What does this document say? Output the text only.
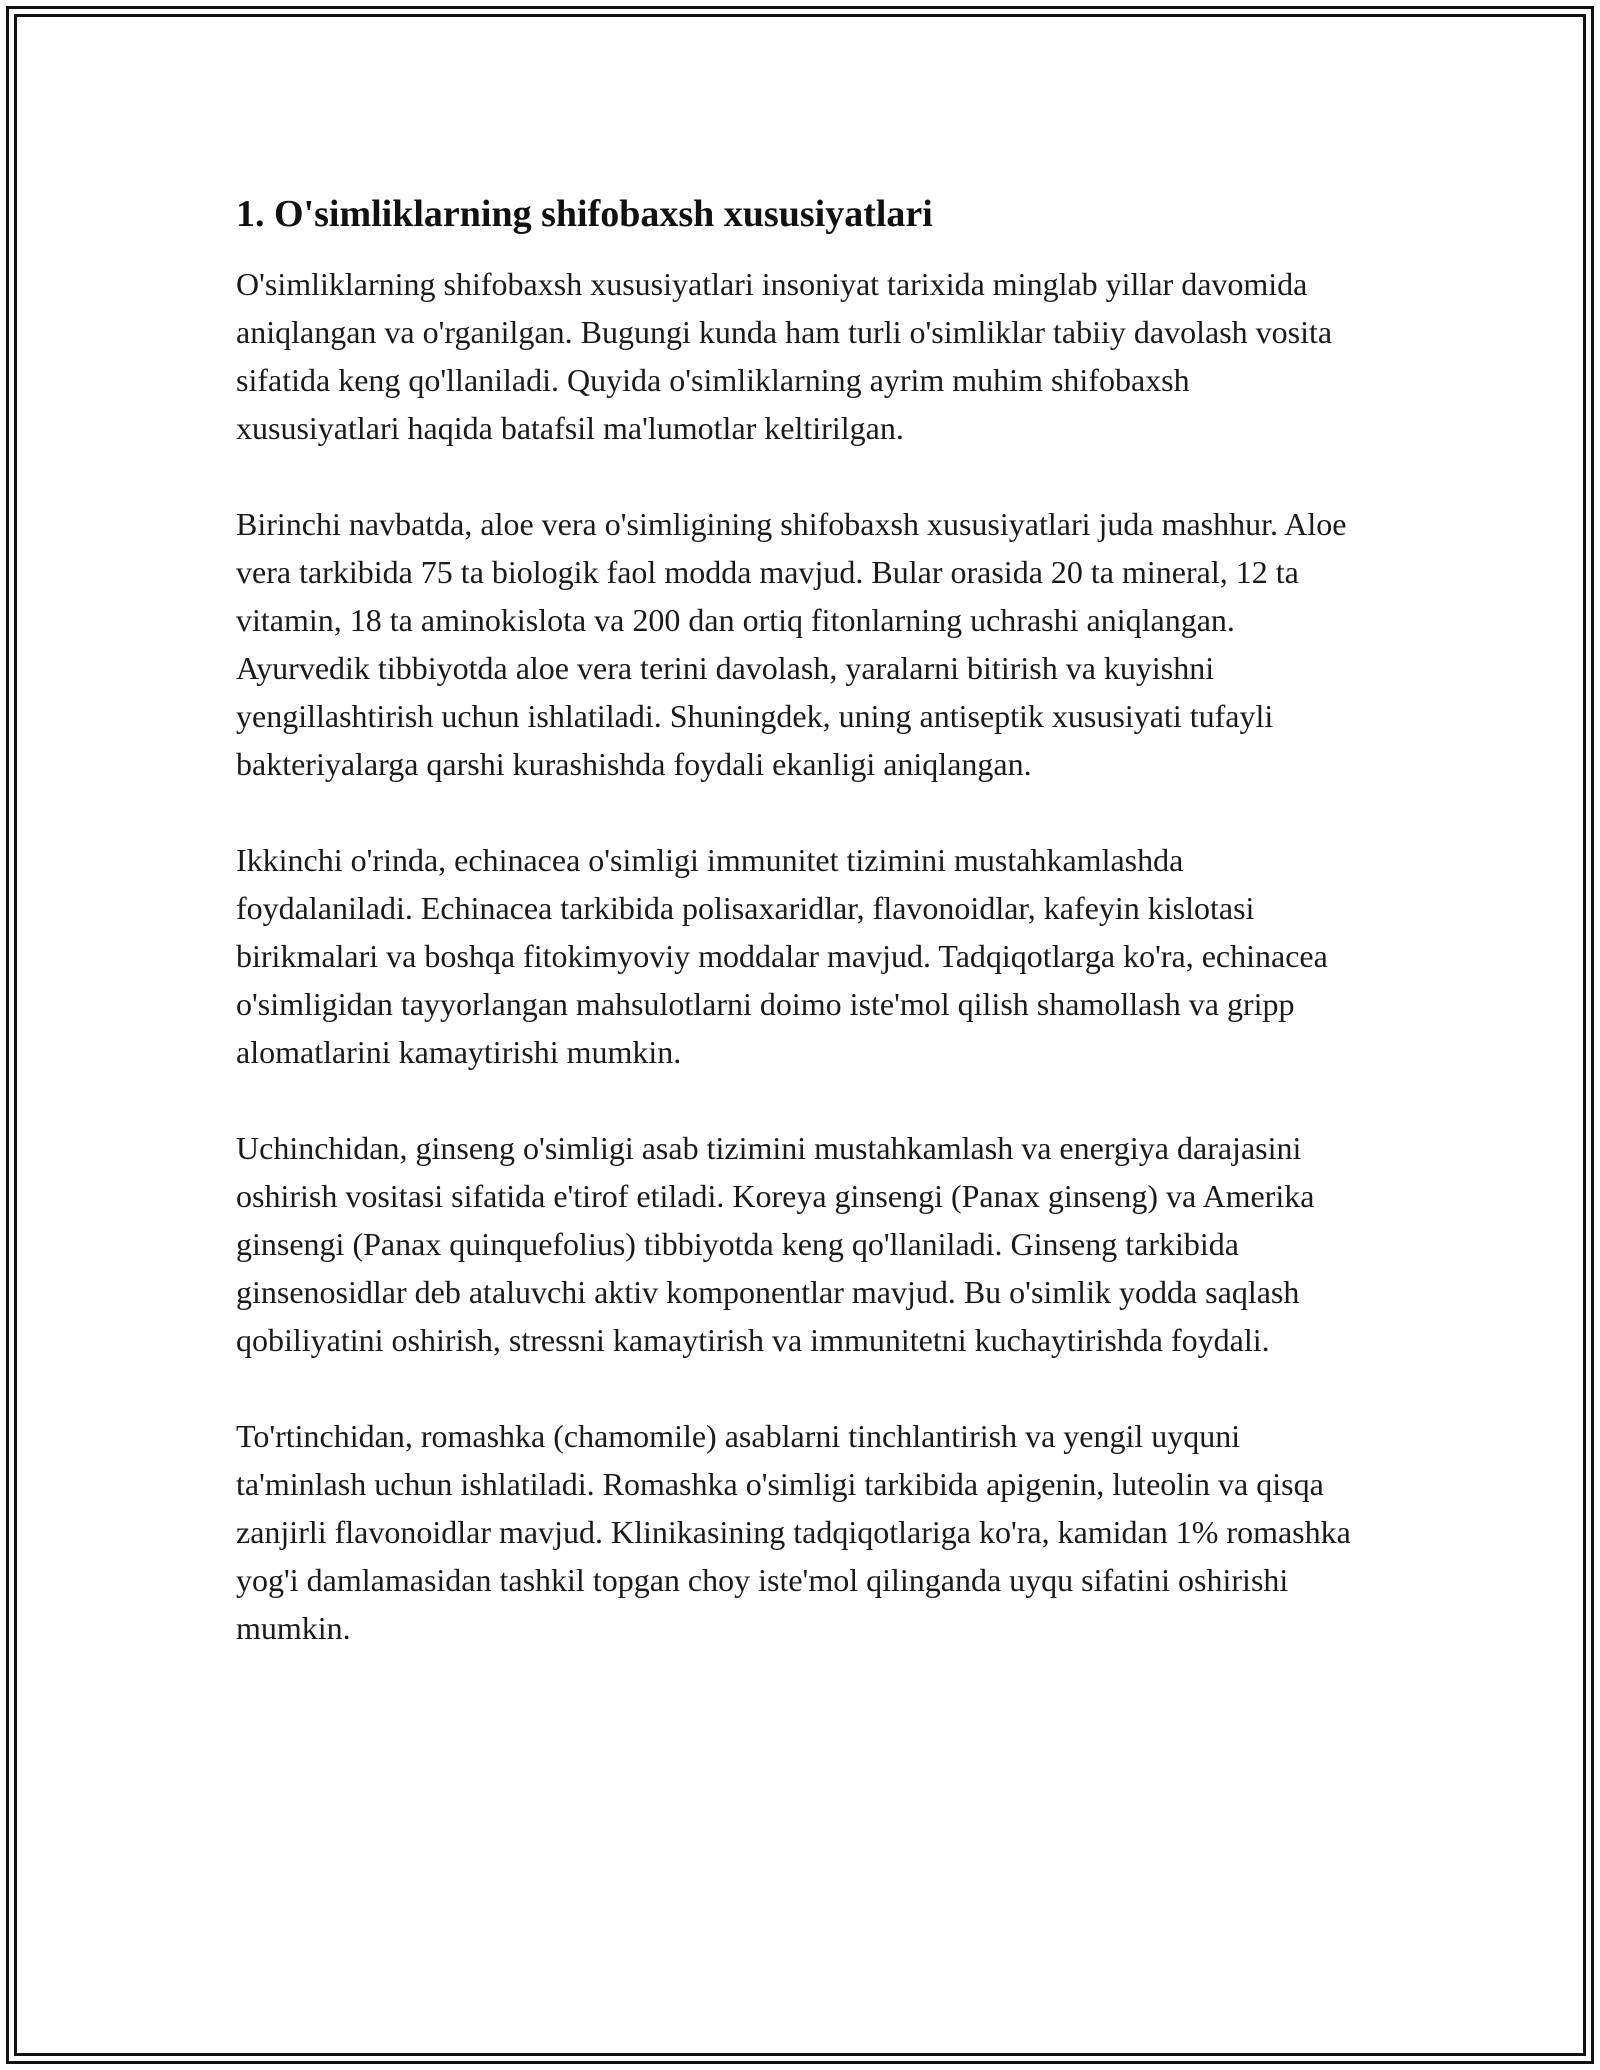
1. O'simliklarning shifobaxsh xususiyatlari

O'simliklarning shifobaxsh xususiyatlari insoniyat tarixida minglab yillar davomida aniqlangan va o'rganilgan. Bugungi kunda ham turli o'simliklar tabiiy davolash vosita sifatida keng qo'llaniladi. Quyida o'simliklarning ayrim muhim shifobaxsh xususiyatlari haqida batafsil ma'lumotlar keltirilgan.

Birinchi navbatda, aloe vera o'simligining shifobaxsh xususiyatlari juda mashhur. Aloe vera tarkibida 75 ta biologik faol modda mavjud. Bular orasida 20 ta mineral, 12 ta vitamin, 18 ta aminokislota va 200 dan ortiq fitonlarning uchrashi aniqlangan. Ayurvedik tibbiyotda aloe vera terini davolash, yaralarni bitirish va kuyishni yengillashtirish uchun ishlatiladi. Shuningdek, uning antiseptik xususiyati tufayli bakteriyalarga qarshi kurashishda foydali ekanligi aniqlangan.

Ikkinchi o'rinda, echinacea o'simligi immunitet tizimini mustahkamlashda foydalaniladi. Echinacea tarkibida polisaxaridlar, flavonoidlar, kafeyin kislotasi birikmalari va boshqa fitokimyoviy moddalar mavjud. Tadqiqotlarga ko'ra, echinacea o'simligidan tayyorlangan mahsulotlarni doimo iste'mol qilish shamollash va gripp alomatlarini kamaytirishi mumkin.

Uchinchidan, ginseng o'simligi asab tizimini mustahkamlash va energiya darajasini oshirish vositasi sifatida e'tirof etiladi. Koreya ginsengi (Panax ginseng) va Amerika ginsengi (Panax quinquefolius) tibbiyotda keng qo'llaniladi. Ginseng tarkibida ginsenosidlar deb ataluvchi aktiv komponentlar mavjud. Bu o'simlik yodda saqlash qobiliyatini oshirish, stressni kamaytirish va immunitetni kuchaytirishda foydali.

To'rtinchidan, romashka (chamomile) asablarni tinchlantirish va yengil uyquni ta'minlash uchun ishlatiladi. Romashka o'simligi tarkibida apigenin, luteolin va qisqa zanjirli flavonoidlar mavjud. Klinikasining tadqiqotlariga ko'ra, kamidan 1% romashka yog'i damlamasidan tashkil topgan choy iste'mol qilinganda uyqu sifatini oshirishi mumkin.
